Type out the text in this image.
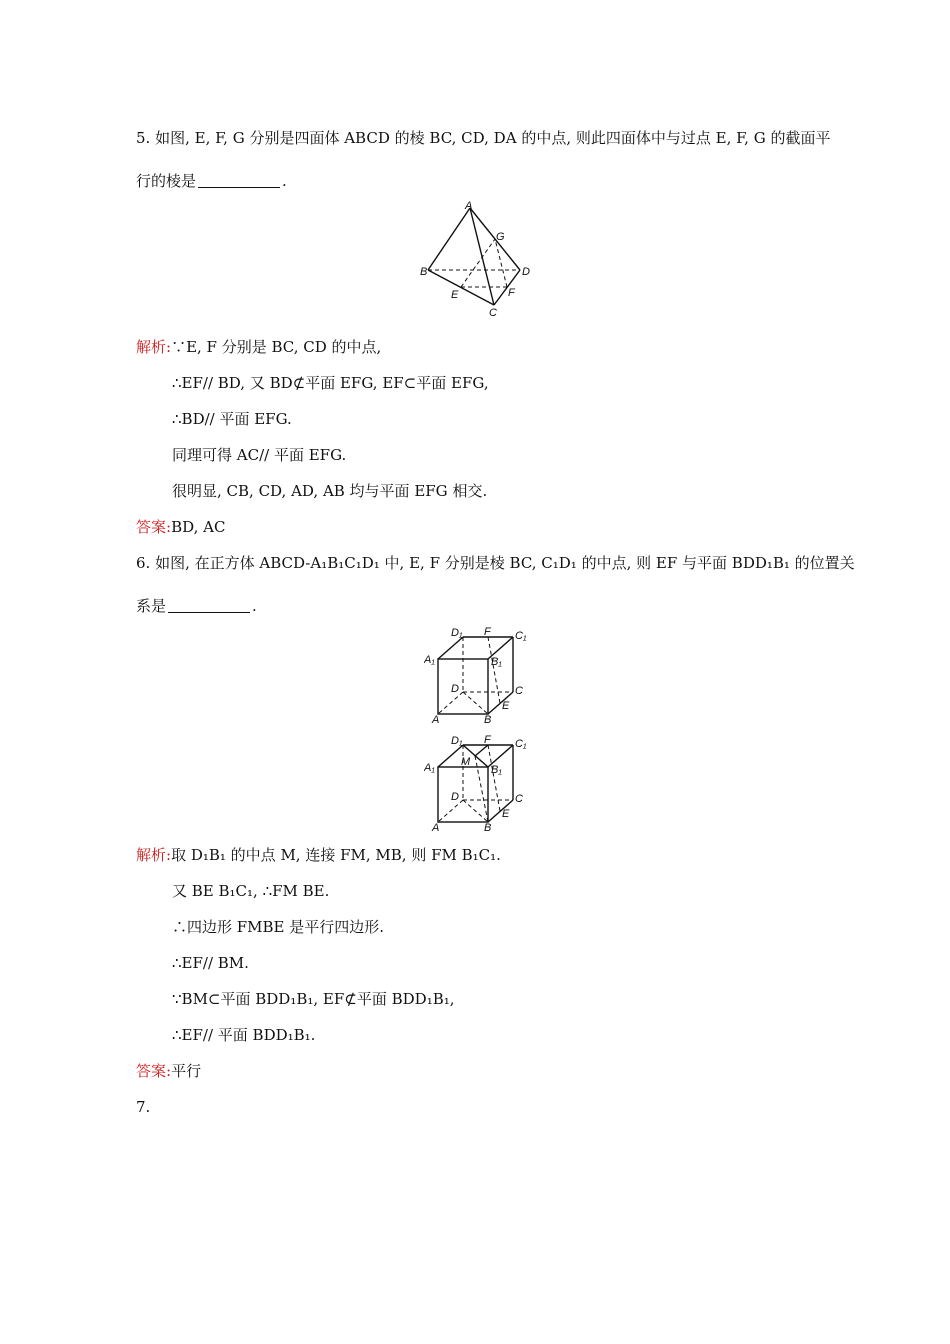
5. 如图, E, F, G 分别是四面体 ABCD 的棱 BC, CD, DA 的中点, 则此四面体中与过点 E, F, G 的截面平
行的棱是	.
A
B
C
D
E	F
G
解析:∵E, F 分别是 BC, CD 的中点,
∴EF// BD, 又 BD⊄平面 EFG, EF⊂平面 EFG,
∴BD// 平面 EFG.
同理可得 AC// 平面 EFG.
很明显, CB, CD, AD, AB 均与平面 EFG 相交.
答案:BD, AC
6. 如图, 在正方体 ABCD-A₁B₁C₁D₁ 中, E, F 分别是棱 BC, C₁D₁ 的中点, 则 EF 与平面 BDD₁B₁ 的位置关
系是	.
D₁ F C₁
A₁	B₁
D	C
E
A	B
D₁ F C₁
A₁ M
B₁
D	C
E
A	B
解析:取 D₁B₁ 的中点 M, 连接 FM, MB, 则 FM B₁C₁.
又 BE B₁C₁, ∴FM BE.
∴四边形 FMBE 是平行四边形.
∴EF// BM.
∵BM⊂平面 BDD₁B₁, EF⊄平面 BDD₁B₁,
∴EF// 平面 BDD₁B₁.
答案:平行
7.
